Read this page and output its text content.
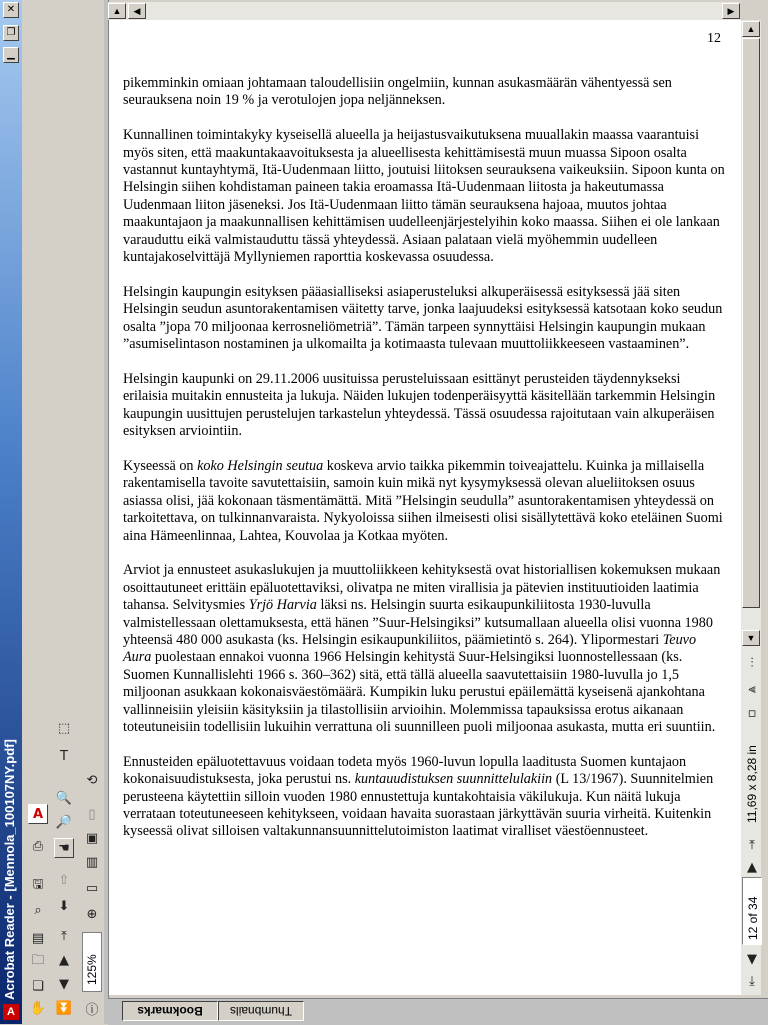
A
Acrobat Reader - [Mennola_100107NY.pdf]
✕
❐
▁
A
⎙
🖫
⌕
▤
🗀
❏
✋
⬚
T
🔍
🔎
☚
⇧
⬇
⤒
▲
▼
⏬
⟲
▯
▣
▥
▭
⊕
125%
ⓘ
▲	◀	▶
12

pikemminkin omiaan johtamaan taloudellisiin ongelmiin, kunnan asukasmäärän vähentyessä sen seurauksena noin 19 % ja verotulojen jopa neljänneksen.

Kunnallinen toimintakyky kyseisellä alueella ja heijastusvaikutuksena muuallakin maassa vaarantuisi myös siten, että maakuntakaavoituksesta ja alueellisesta kehittämisestä muun muassa Sipoon osalta vastannut kuntayhtymä, Itä-Uudenmaan liitto, joutuisi liitoksen seurauksena vaikeuksiin. Sipoon kunta on Helsingin siihen kohdistaman paineen takia eroamassa Itä-Uudenmaan liitosta ja hakeutumassa Uudenmaan liiton jäseneksi. Jos Itä-Uudenmaan liitto tämän seurauksena hajoaa, muutos johtaa maakuntajaon ja maakunnallisen kehittämisen uudelleenjärjestelyihin koko maassa. Siihen ei ole lankaan varauduttu eikä valmistauduttu tässä yhteydessä. Asiaan palataan vielä myöhemmin uudelleen kuntajakoselvittäjä Myllyniemen raporttia koskevassa osuudessa.

Helsingin kaupungin esityksen pääasialliseksi asiaperusteluksi alkuperäisessä esityksessä jää siten Helsingin seudun asuntorakentamisen väitetty tarve, jonka laajuudeksi esityksessä katsotaan koko seudun osalta ”jopa 70 miljoonaa kerrosneliömetriä”. Tämän tarpeen synnyttäisi Helsingin kaupungin mukaan ”asumiselintason nostaminen ja ulkomailta ja kotimaasta tulevaan muuttoliikkeeseen vastaaminen”.

Helsingin kaupunki on 29.11.2006 uusituissa perusteluissaan esittänyt perusteiden täydennykseksi erilaisia muitakin ennusteita ja lukuja. Näiden lukujen todenperäisyyttä käsitellään tarkemmin Helsingin kaupungin uusittujen perustelujen tarkastelun yhteydessä. Tässä osuudessa rajoitutaan vain alkuperäisen esityksen arviointiin.

Kyseessä on koko Helsingin seutua koskeva arvio taikka pikemmin toiveajattelu. Kuinka ja millaisella rakentamisella tavoite savutettaisiin, samoin kuin mikä nyt kysymyksessä olevan alueliitoksen osuus asiassa olisi, jää kokonaan täsmentämättä. Mitä ”Helsingin seudulla” asuntorakentamisen yhteydessä on tarkoitettava, on tulkinnanvaraista. Nykyoloissa siihen ilmeisesti olisi sisällytettävä koko eteläinen Suomi aina Hämeenlinnaa, Lahtea, Kouvolaa ja Kotkaa myöten.

Arviot ja ennusteet asukaslukujen ja muuttoliikkeen kehityksestä ovat historiallisen kokemuksen mukaan osoittautuneet erittäin epäluotettaviksi, olivatpa ne miten virallisia ja pätevien instituutioiden laatimia tahansa. Selvitysmies Yrjö Harvia läksi ns. Helsingin suurta esikaupunkiliitosta 1930-luvulla valmistellessaan olettamuksesta, että hänen ”Suur-Helsingiksi” kutsumallaan alueella olisi vuonna 1980 yhteensä 480 000 asukasta (ks. Helsingin esikaupunkiliitos, päämietintö s. 264). Ylipormestari Teuvo Aura puolestaan ennakoi vuonna 1966 Helsingin kehitystä Suur-Helsingiksi luonnostellessaan (ks. Suomen Kunnallislehti 1966 s. 360–362) sitä, että tällä alueella saavutettaisiin 1980-luvulla jo 1,5 miljoonan asukkaan kokonaisväestömäärä. Kumpikin luku perustui epäilemättä kyseisenä ajankohtana vallinneisiin yleisiin käsityksiin ja tilastollisiin arvioihin. Molemmissa tapauksissa erotus aikanaan toteutuneisiin todellisiin lukuihin verrattuna oli suunnilleen puoli miljoonaa asukasta, mutta eri suuntiin.

Ennusteiden epäluotettavuus voidaan todeta myös 1960-luvun lopulla laaditusta Suomen kuntajaon kokonaisuudistuksesta, joka perustui ns. kuntauudistuksen suunnittelulakiin (L 13/1967). Suunnitelmien perusteena käytettiin silloin vuoden 1980 ennustettuja kuntakohtaisia väkilukuja. Kun näitä lukuja verrataan toteutuneeseen kehitykseen, voidaan havaita suorastaan järkyttävän suuria virheitä. Kuitenkin kyseessä olivat silloisen valtakunnansuunnittelutoimiston laatimat viralliset väestöennusteet.

▲
▼
⫶
⫷
▫
11,69 x 8,28 in
⤒
▲
12 of 34
▼
⤓
Bookmarks Thumbnails
